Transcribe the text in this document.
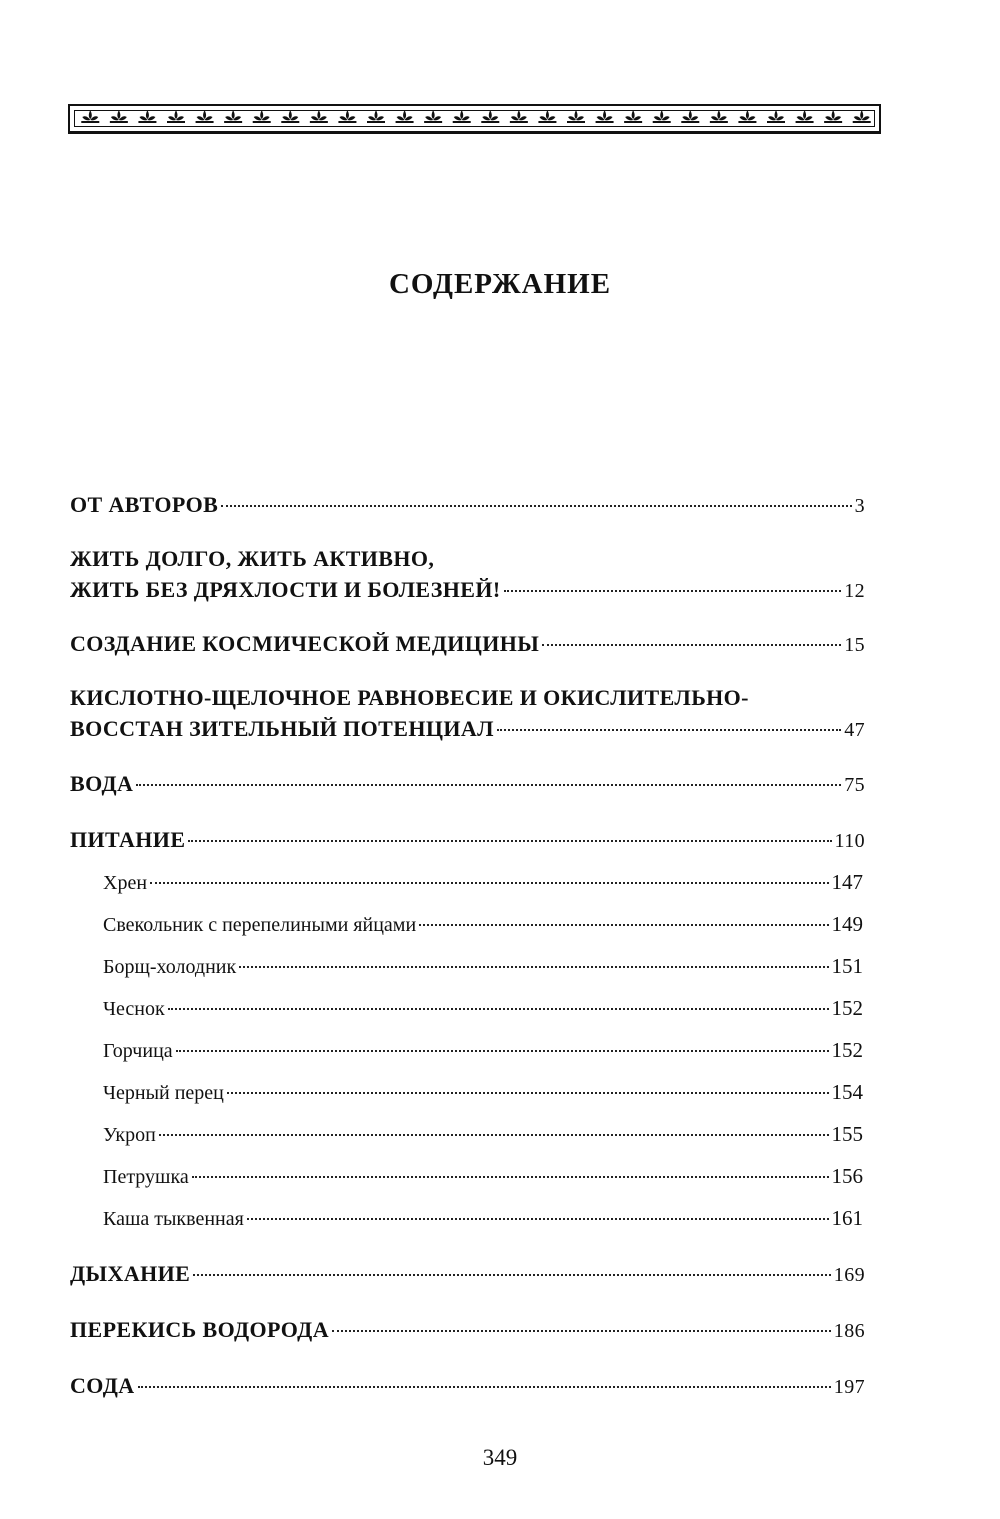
СОДЕРЖАНИЕ
ОТ АВТОРОВ	3
ЖИТЬ ДОЛГО, ЖИТЬ АКТИВНО,
ЖИТЬ БЕЗ ДРЯХЛОСТИ И БОЛЕЗНЕЙ!	12
СОЗДАНИЕ КОСМИЧЕСКОЙ МЕДИЦИНЫ	15
КИСЛОТНО-ЩЕЛОЧНОЕ РАВНОВЕСИЕ И ОКИСЛИТЕЛЬНО-
ВОССТАН ЗИТЕЛЬНЫЙ ПОТЕНЦИАЛ	47
ВОДА	75
ПИТАНИЕ	110
Хрен	147
Свекольник с перепелиными яйцами	149
Борщ-холодник	151
Чеснок	152
Горчица	152
Черный перец	154
Укроп	155
Петрушка	156
Каша тыквенная	161
ДЫХАНИЕ	169
ПЕРЕКИСЬ ВОДОРОДА	186
СОДА	197
349
